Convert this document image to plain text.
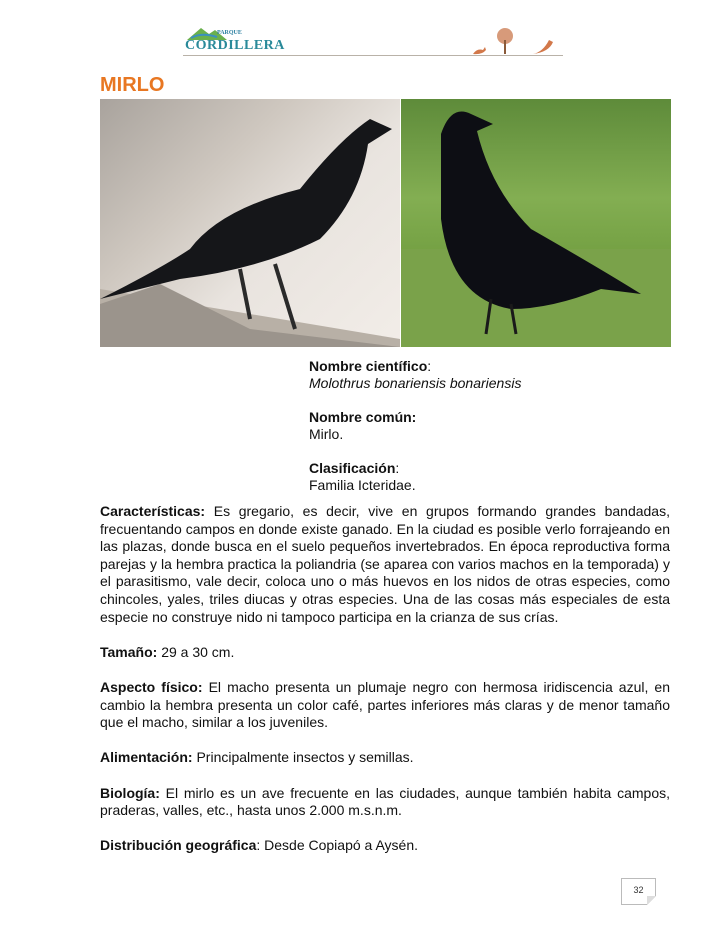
PARQUE
CORDILLERA
MIRLO

Nombre científico:
Molothrus bonariensis bonariensis

Nombre común:
Mirlo.

Clasificación:
Familia Icteridae.

Características: Es gregario, es decir, vive en grupos formando grandes bandadas, frecuentando campos en donde existe ganado. En la ciudad es posible verlo forrajeando en las plazas, donde busca en el suelo pequeños invertebrados. En época reproductiva forma parejas y la hembra practica la poliandria (se aparea con varios machos en la temporada) y el parasitismo, vale decir, coloca uno o más huevos en los nidos de otras especies, como chincoles, yales, triles diucas y otras especies. Una de las cosas más especiales de esta especie no construye nido ni tampoco participa en la crianza de sus crías.

Tamaño: 29 a 30 cm.

Aspecto físico: El macho presenta un plumaje negro con hermosa iridiscencia azul, en cambio la hembra presenta un color café, partes inferiores más claras y de menor tamaño que el macho, similar a los juveniles.

Alimentación: Principalmente insectos y semillas.

Biología: El mirlo es un ave frecuente en las ciudades, aunque también habita campos, praderas, valles, etc., hasta unos 2.000 m.s.n.m.

Distribución geográfica: Desde Copiapó a Aysén.

32
